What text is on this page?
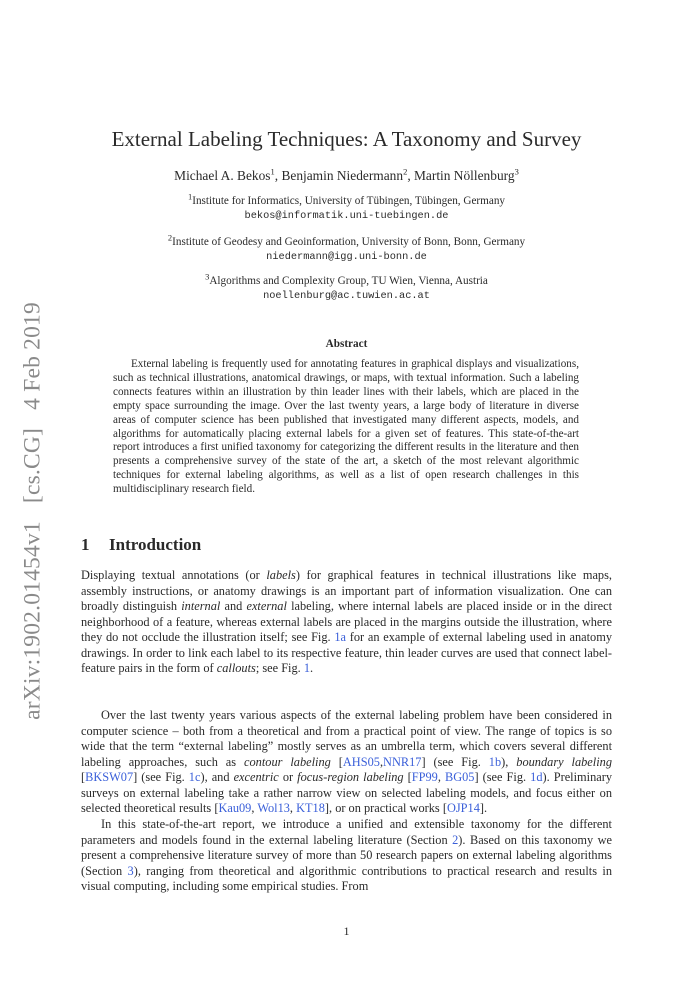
arXiv:1902.01454v1 [cs.CG] 4 Feb 2019
External Labeling Techniques: A Taxonomy and Survey
Michael A. Bekos$^1$, Benjamin Niedermann$^2$, Martin Nöllenburg$^3$
$^1$Institute for Informatics, University of Tübingen, Tübingen, Germany
bekos@informatik.uni-tuebingen.de
$^2$Institute of Geodesy and Geoinformation, University of Bonn, Bonn, Germany
niedermann@igg.uni-bonn.de
$^3$Algorithms and Complexity Group, TU Wien, Vienna, Austria
noellenburg@ac.tuwien.ac.at
Abstract

External labeling is frequently used for annotating features in graphical displays and visualizations, such as technical illustrations, anatomical drawings, or maps, with textual information. Such a labeling connects features within an illustration by thin leader lines with their labels, which are placed in the empty space surrounding the image. Over the last twenty years, a large body of literature in diverse areas of computer science has been published that investigated many different aspects, models, and algorithms for automatically placing external labels for a given set of features. This state-of-the-art report introduces a first unified taxonomy for categorizing the different results in the literature and then presents a comprehensive survey of the state of the art, a sketch of the most relevant algorithmic techniques for external labeling algorithms, as well as a list of open research challenges in this multidisciplinary research field.

1 Introduction

Displaying textual annotations (or labels) for graphical features in technical illustrations like maps, assembly instructions, or anatomy drawings is an important part of information visualization. One can broadly distinguish internal and external labeling, where internal labels are placed inside or in the direct neighborhood of a feature, whereas external labels are placed in the margins outside the illustration, where they do not occlude the illustration itself; see Fig. 1a for an example of external labeling used in anatomy drawings. In order to link each label to its respective feature, thin leader curves are used that connect label-feature pairs in the form of callouts; see Fig. 1.

Over the last twenty years various aspects of the external labeling problem have been considered in computer science – both from a theoretical and from a practical point of view. The range of topics is so wide that the term “external labeling” mostly serves as an umbrella term, which covers several different labeling approaches, such as contour labeling [AHS05,NNR17] (see Fig. 1b), boundary labeling [BKSW07] (see Fig. 1c), and excentric or focus-region labeling [FP99, BG05] (see Fig. 1d). Preliminary surveys on external labeling take a rather narrow view on selected labeling models, and focus either on selected theoretical results [Kau09, Wol13, KT18], or on practical works [OJP14].

In this state-of-the-art report, we introduce a unified and extensible taxonomy for the different parameters and models found in the external labeling literature (Section 2). Based on this taxonomy we present a comprehensive literature survey of more than 50 research papers on external labeling algorithms (Section 3), ranging from theoretical and algorithmic contributions to practical research and results in visual computing, including some empirical studies. From

1
